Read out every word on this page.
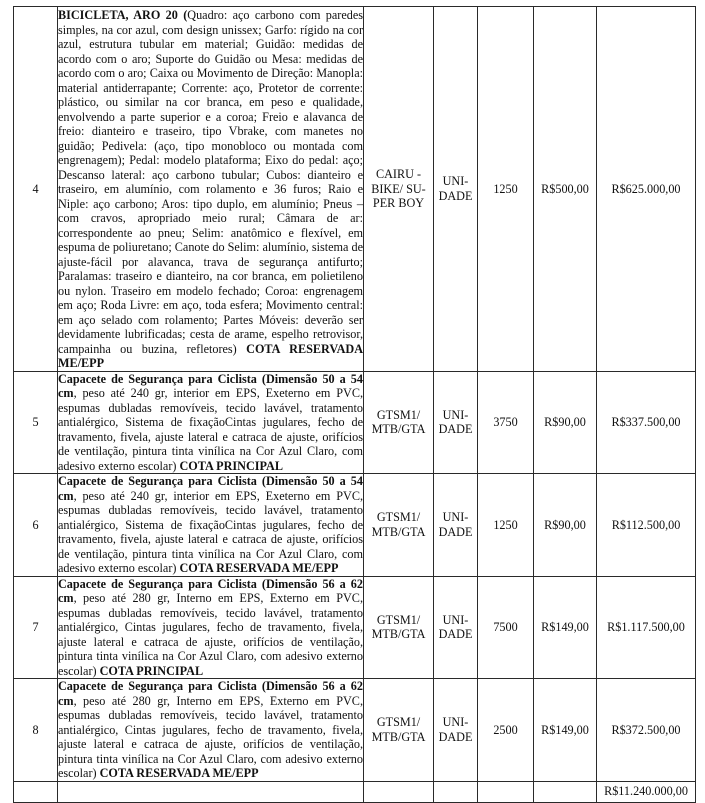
4	BICICLETA, ARO 20 (Quadro: aço carbono com paredes simples, na cor azul, com design unissex; Garfo: rígido na cor azul, estrutura tubular em material; Guidão: medidas de acordo com o aro; Suporte do Guidão ou Mesa: medidas de acordo com o aro; Caixa ou Movimento de Direção: Manopla: material antiderrapante; Corrente: aço, Protetor de corrente: plástico, ou similar na cor branca, em peso e qualidade, envolvendo a parte superior e a coroa; Freio e alavanca de freio: dianteiro e traseiro, tipo Vbrake, com manetes no guidão; Pedivela: (aço, tipo monobloco ou montada com engrenagem); Pedal: modelo plataforma; Eixo do pedal: aço; Descanso lateral: aço carbono tubular; Cubos: dianteiro e traseiro, em alumínio, com rolamento e 36 furos; Raio e Niple: aço carbono; Aros: tipo duplo, em alumínio; Pneus – com cravos, apropriado meio rural; Câmara de ar: correspondente ao pneu; Selim: anatômico e flexível, em espuma de poliuretano; Canote do Selim: alumínio, sistema de ajuste-fácil por alavanca, trava de segurança antifurto; Paralamas: traseiro e dianteiro, na cor branca, em polietileno ou nylon. Traseiro em modelo fechado; Coroa: engrenagem em aço; Roda Livre: em aço, toda esfera; Movimento central: em aço selado com rolamento; Partes Móveis: deverão ser devidamente lubrificadas; cesta de arame, espelho retrovisor, campainha ou buzina, refletores) COTA RESERVADA ME/EPP	CAIRU - BIKE/ SU-PER BOY	UNI-DADE	1250	R$500,00	R$625.000,00
5	Capacete de Segurança para Ciclista (Dimensão 50 a 54 cm, peso até 240 gr, interior em EPS, Exeterno em PVC, espumas dubladas removíveis, tecido lavável, tratamento antialérgico, Sistema de fixaçãoCintas jugulares, fecho de travamento, fivela, ajuste lateral e catraca de ajuste, orifícios de ventilação, pintura tinta vinílica na Cor Azul Claro, com adesivo externo escolar) COTA PRINCIPAL	GTSM1/ MTB/GTA	UNI-DADE	3750	R$90,00	R$337.500,00
6	Capacete de Segurança para Ciclista (Dimensão 50 a 54 cm, peso até 240 gr, interior em EPS, Exeterno em PVC, espumas dubladas removíveis, tecido lavável, tratamento antialérgico, Sistema de fixaçãoCintas jugulares, fecho de travamento, fivela, ajuste lateral e catraca de ajuste, orifícios de ventilação, pintura tinta vinílica na Cor Azul Claro, com adesivo externo escolar) COTA RESERVADA ME/EPP	GTSM1/ MTB/GTA	UNI-DADE	1250	R$90,00	R$112.500,00
7	Capacete de Segurança para Ciclista (Dimensão 56 a 62 cm, peso até 280 gr, Interno em EPS, Externo em PVC, espumas dubladas removíveis, tecido lavável, tratamento antialérgico, Cintas jugulares, fecho de travamento, fivela, ajuste lateral e catraca de ajuste, orifícios de ventilação, pintura tinta vinílica na Cor Azul Claro, com adesivo externo escolar) COTA PRINCIPAL	GTSM1/ MTB/GTA	UNI-DADE	7500	R$149,00	R$1.117.500,00
8	Capacete de Segurança para Ciclista (Dimensão 56 a 62 cm, peso até 280 gr, Interno em EPS, Externo em PVC, espumas dubladas removíveis, tecido lavável, tratamento antialérgico, Cintas jugulares, fecho de travamento, fivela, ajuste lateral e catraca de ajuste, orifícios de ventilação, pintura tinta vinílica na Cor Azul Claro, com adesivo externo escolar) COTA RESERVADA ME/EPP	GTSM1/ MTB/GTA	UNI-DADE	2500	R$149,00	R$372.500,00
						R$11.240.000,00
